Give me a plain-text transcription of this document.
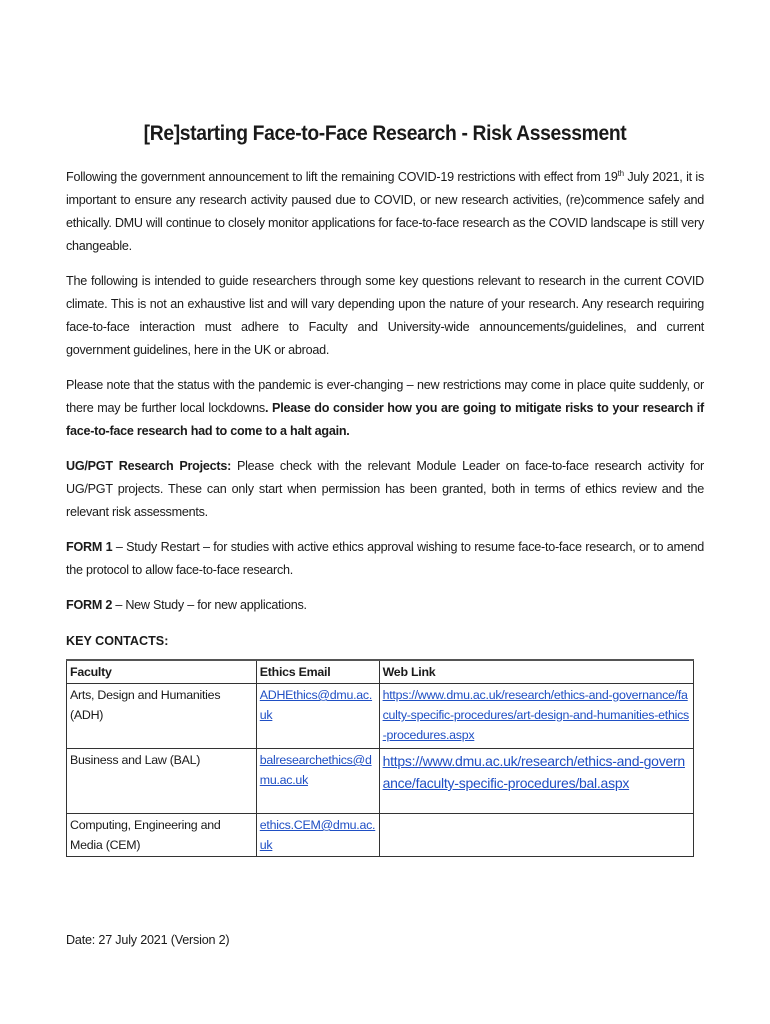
[Re]starting Face-to-Face Research - Risk Assessment

Following the government announcement to lift the remaining COVID-19 restrictions with effect from 19th July 2021, it is important to ensure any research activity paused due to COVID, or new research activities, (re)commence safely and ethically. DMU will continue to closely monitor applications for face-to-face research as the COVID landscape is still very changeable.

The following is intended to guide researchers through some key questions relevant to research in the current COVID climate. This is not an exhaustive list and will vary depending upon the nature of your research. Any research requiring face-to-face interaction must adhere to Faculty and University-wide announcements/guidelines, and current government guidelines, here in the UK or abroad.

Please note that the status with the pandemic is ever-changing – new restrictions may come in place quite suddenly, or there may be further local lockdowns. Please do consider how you are going to mitigate risks to your research if face-to-face research had to come to a halt again.

UG/PGT Research Projects: Please check with the relevant Module Leader on face-to-face research activity for UG/PGT projects. These can only start when permission has been granted, both in terms of ethics review and the relevant risk assessments.

FORM 1 – Study Restart – for studies with active ethics approval wishing to resume face-to-face research, or to amend the protocol to allow face-to-face research.

FORM 2 – New Study – for new applications.

KEY CONTACTS:
Faculty	Ethics Email	Web Link
Arts, Design and Humanities (ADH)	ADHEthics@dmu.ac.uk	https://www.dmu.ac.uk/research/ethics-and-governance/faculty-specific-procedures/art-design-and-humanities-ethics-procedures.aspx
Business and Law (BAL)	balresearchethics@dmu.ac.uk	https://www.dmu.ac.uk/research/ethics-and-governance/faculty-specific-procedures/bal.aspx
Computing, Engineering and Media (CEM)	ethics.CEM@dmu.ac.uk	
Date: 27 July 2021 (Version 2)
